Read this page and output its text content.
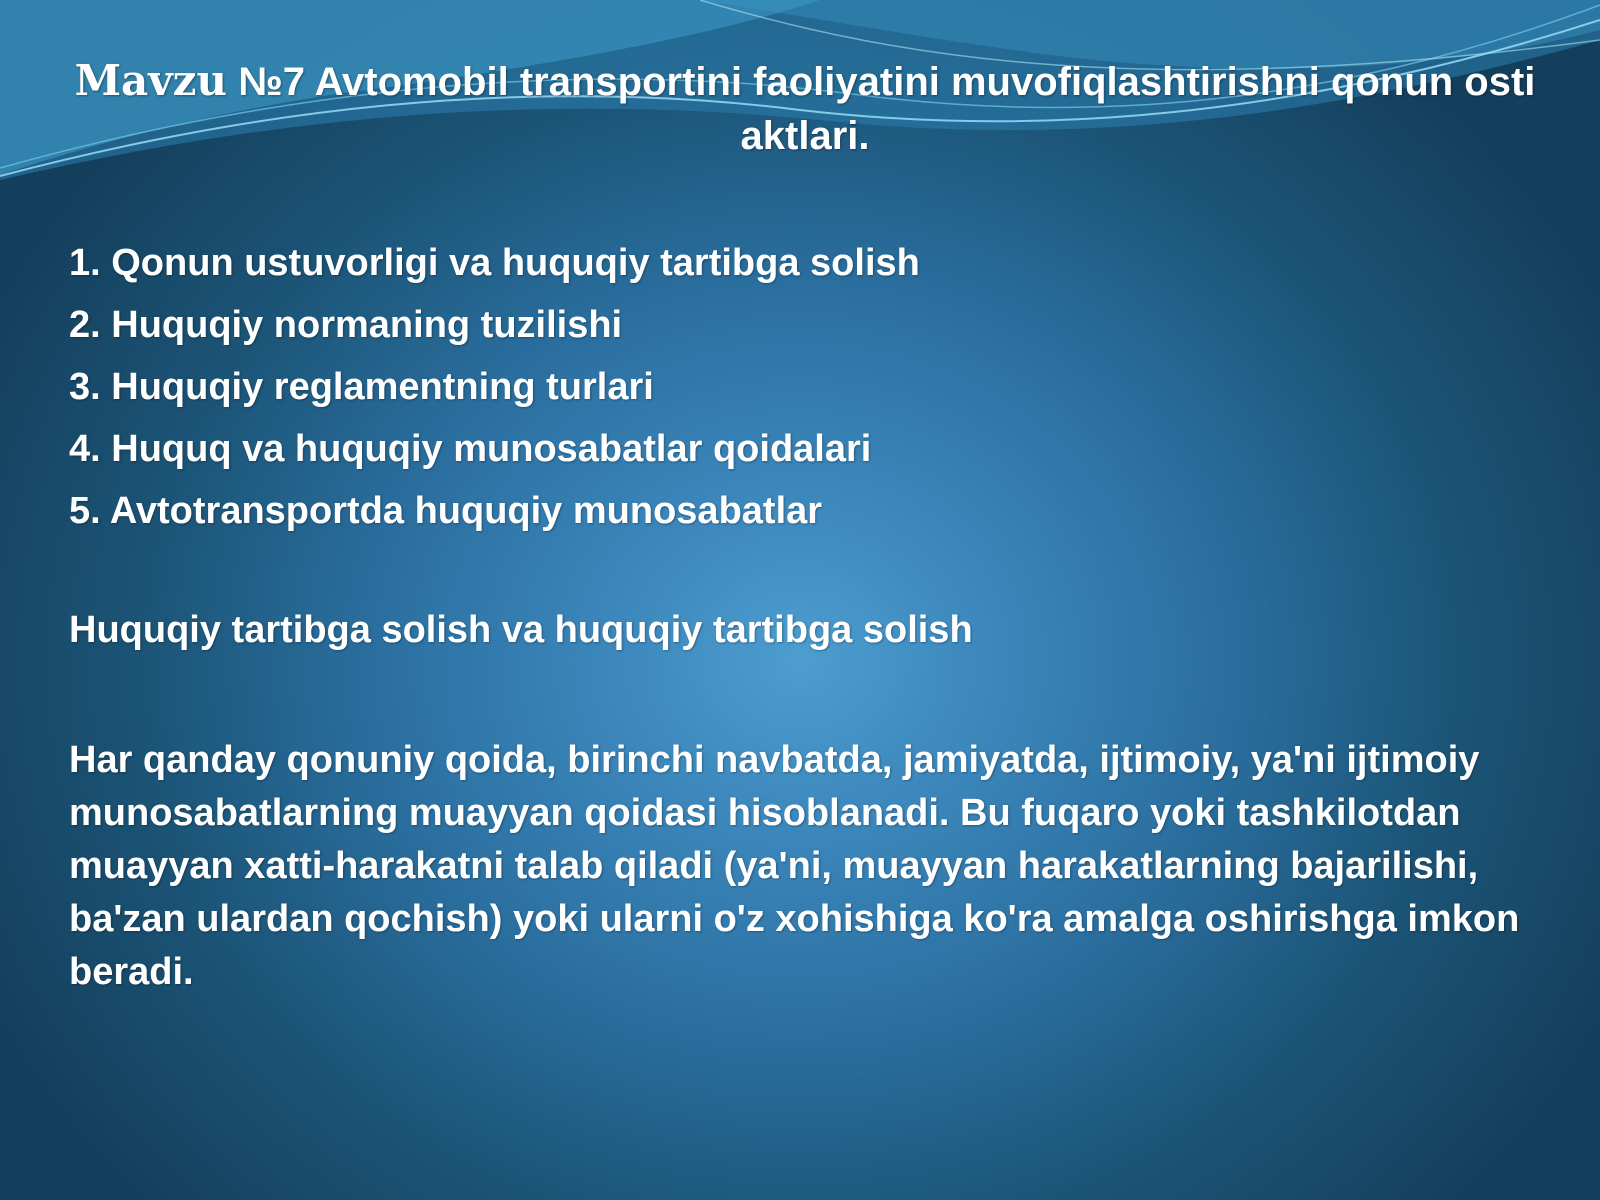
Mavzu №7 Avtomobil transportini faoliyatini muvofiqlashtirishni qonun osti aktlari.
1. Qonun ustuvorligi va huquqiy tartibga solish
2. Huquqiy normaning tuzilishi
3. Huquqiy reglamentning turlari
4. Huquq va huquqiy munosabatlar qoidalari
5. Avtotransportda huquqiy munosabatlar
Huquqiy tartibga solish va huquqiy tartibga solish

Har qanday qonuniy qoida, birinchi navbatda, jamiyatda, ijtimoiy, ya'ni ijtimoiy munosabatlarning muayyan qoidasi hisoblanadi. Bu fuqaro yoki tashkilotdan muayyan xatti-harakatni talab qiladi (ya'ni, muayyan harakatlarning bajarilishi, ba'zan ulardan qochish) yoki ularni o'z xohishiga ko'ra amalga oshirishga imkon beradi.
